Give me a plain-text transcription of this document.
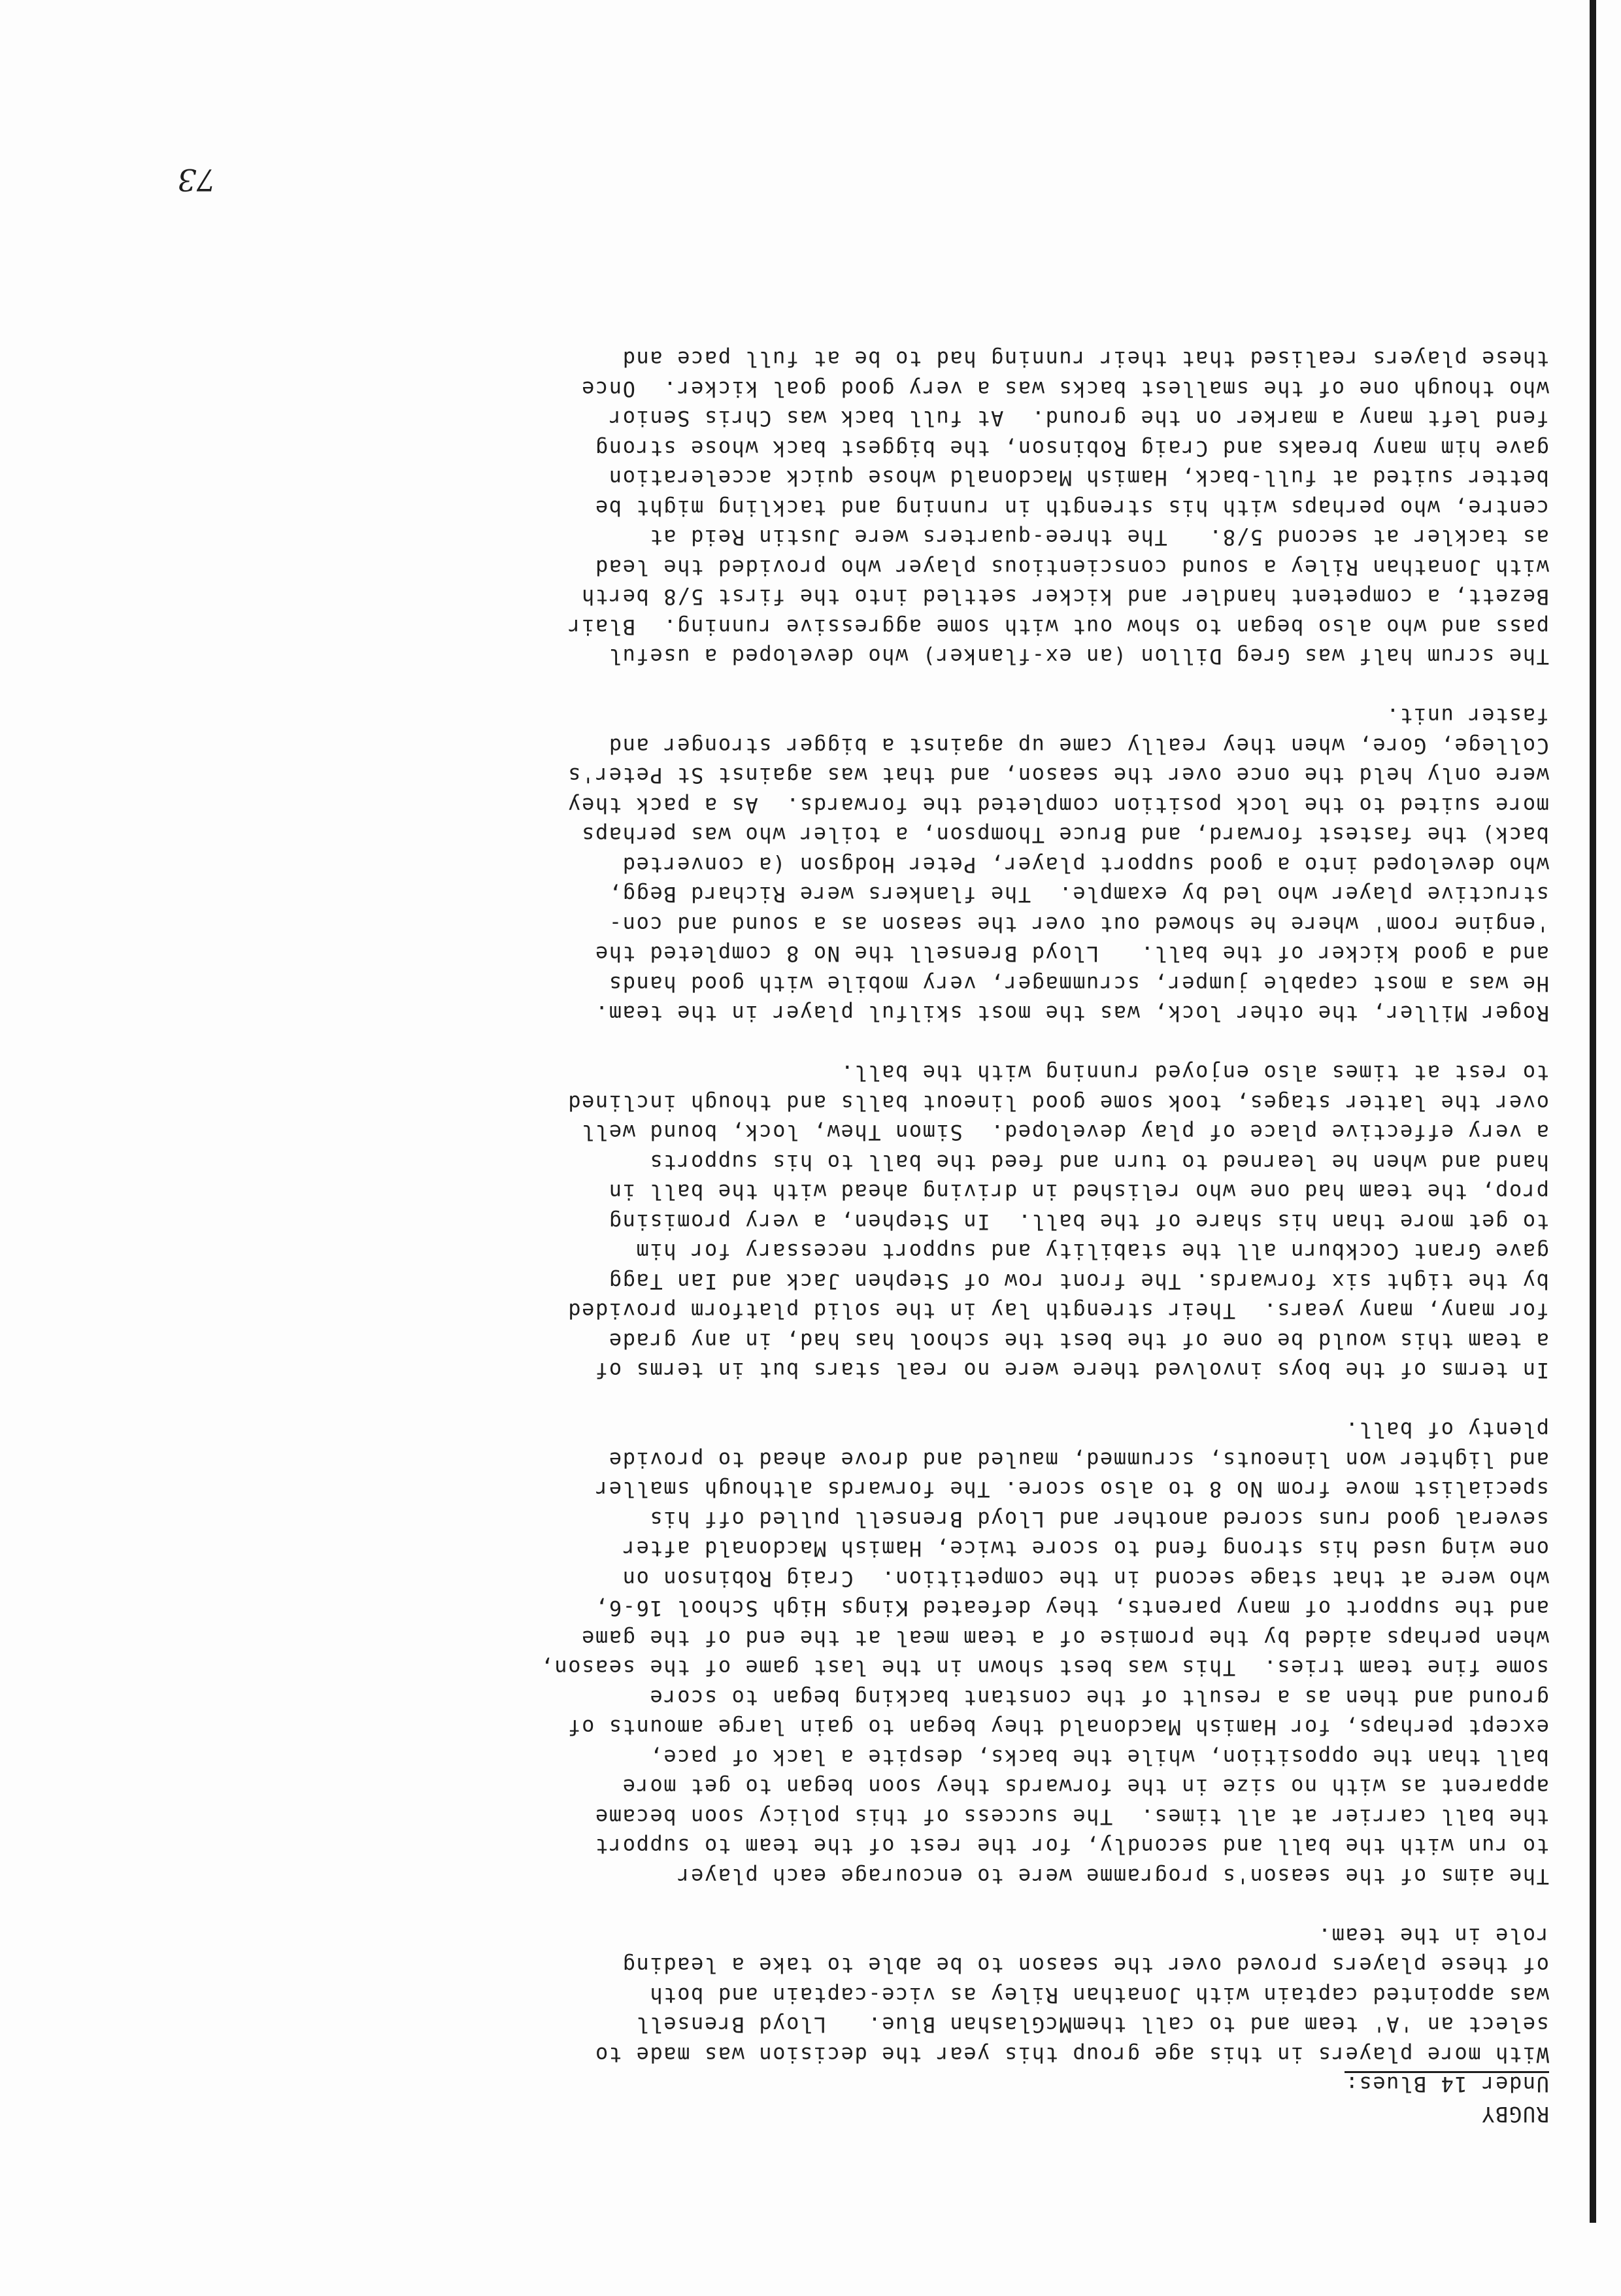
RUGBY
Under 14 Blues:

With more players in this age group this year the decision was made to
select an 'A' team and to call themMcGlashan Blue.   Lloyd Brensell
was appointed captain with Jonathan Riley as vice-captain and both
of these players proved over the season to be able to take a leading
role in the team.

The aims of the season's programme were to encourage each player
to run with the ball and secondly, for the rest of the team to support
the ball carrier at all times.  The success of this policy soon became
apparent as with no size in the forwards they soon began to get more
ball than the opposition, while the backs, despite a lack of pace,
except perhaps, for Hamish Macdonald they began to gain large amounts of
ground and then as a result of the constant backing began to score
some fine team tries.  This was best shown in the last game of the season,
when perhaps aided by the promise of a team meal at the end of the game
and the support of many parents, they defeated Kings High School 16-6,
who were at that stage second in the competition.  Craig Robinson on
one wing used his strong fend to score twice, Hamish Macdonald after
several good runs scored another and Lloyd Brensell pulled off his
specialist move from No 8 to also score. The forwards although smaller
and lighter won lineouts, scrummed, mauled and drove ahead to provide
plenty of ball.

In terms of the boys involved there were no real stars but in terms of
a team this would be one of the best the school has had, in any grade
for many, many years.  Their strength lay in the solid platform provided
by the tight six forwards. The front row of Stephen Jack and Ian Tagg
gave Grant Cockburn all the stability and support necessary for him
to get more than his share of the ball.  In Stephen, a very promising
prop, the team had one who relished in driving ahead with the ball in
hand and when he learned to turn and feed the ball to his supports
a very effective place of play developed.  Simon Thew, lock, bound well
over the latter stages, took some good lineout balls and though inclined
to rest at times also enjoyed running with the ball.

Roger Miller, the other lock, was the most skilful player in the team.
He was a most capable jumper, scrummager, very mobile with good hands
and a good kicker of the ball.   Lloyd Brensell the No 8 completed the
'engine room' where he showed out over the season as a sound and con-
structive player who led by example.  The flankers were Richard Begg,
who developed into a good support player, Peter Hodgson (a converted
back) the fastest forward, and Bruce Thompson, a toiler who was perhaps
more suited to the lock position completed the forwards.  As a pack they
were only held the once over the season, and that was against St Peter's
College, Gore, when they really came up against a bigger stronger and
faster unit.

The scrum half was Greg Dillon (an ex-flanker) who developed a useful
pass and who also began to show out with some aggressive running.  Blair
Bezett, a competent handler and kicker settled into the first 5/8 berth
with Jonathan Riley a sound conscientious player who provided the lead
as tackler at second 5/8.   The three-quarters were Justin Reid at
centre, who perhaps with his strength in running and tackling might be
better suited at full-back, Hamish Macdonald whose quick acceleration
gave him many breaks and Craig Robinson, the biggest back whose strong
fend left many a marker on the ground.  At full back was Chris Senior
who though one of the smallest backs was a very good goal kicker.  Once
these players realised that their running had to be at full pace and

73
